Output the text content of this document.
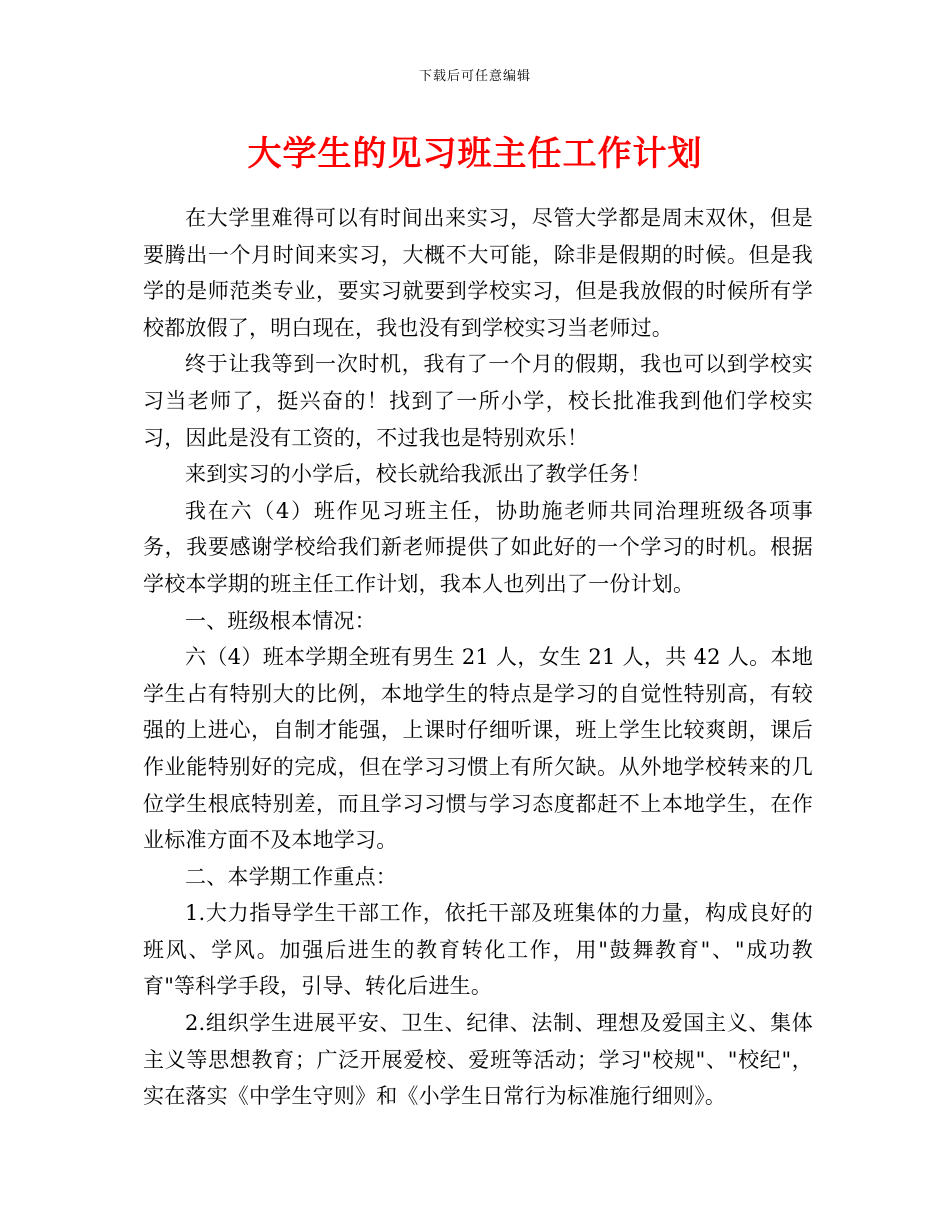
下载后可任意编辑
大学生的见习班主任工作计划

在大学里难得可以有时间出来实习，尽管大学都是周末双休，但是要腾出一个月时间来实习，大概不大可能，除非是假期的时候。但是我学的是师范类专业，要实习就要到学校实习，但是我放假的时候所有学校都放假了，明白现在，我也没有到学校实习当老师过。

终于让我等到一次时机，我有了一个月的假期，我也可以到学校实习当老师了，挺兴奋的！找到了一所小学，校长批准我到他们学校实习，因此是没有工资的，不过我也是特别欢乐！

来到实习的小学后，校长就给我派出了教学任务！

我在六（4）班作见习班主任，协助施老师共同治理班级各项事务，我要感谢学校给我们新老师提供了如此好的一个学习的时机。根据学校本学期的班主任工作计划，我本人也列出了一份计划。

一、班级根本情况：

六（4）班本学期全班有男生 21 人，女生 21 人，共 42 人。本地学生占有特别大的比例，本地学生的特点是学习的自觉性特别高，有较强的上进心，自制才能强，上课时仔细听课，班上学生比较爽朗，课后作业能特别好的完成，但在学习习惯上有所欠缺。从外地学校转来的几位学生根底特别差，而且学习习惯与学习态度都赶不上本地学生，在作业标准方面不及本地学习。

二、本学期工作重点：

1.大力指导学生干部工作，依托干部及班集体的力量，构成良好的班风、学风。加强后进生的教育转化工作，用"鼓舞教育"、"成功教育"等科学手段，引导、转化后进生。

2.组织学生进展平安、卫生、纪律、法制、理想及爱国主义、集体主义等思想教育；广泛开展爱校、爱班等活动；学习"校规"、"校纪"，实在落实《中学生守则》和《小学生日常行为标准施行细则》。
